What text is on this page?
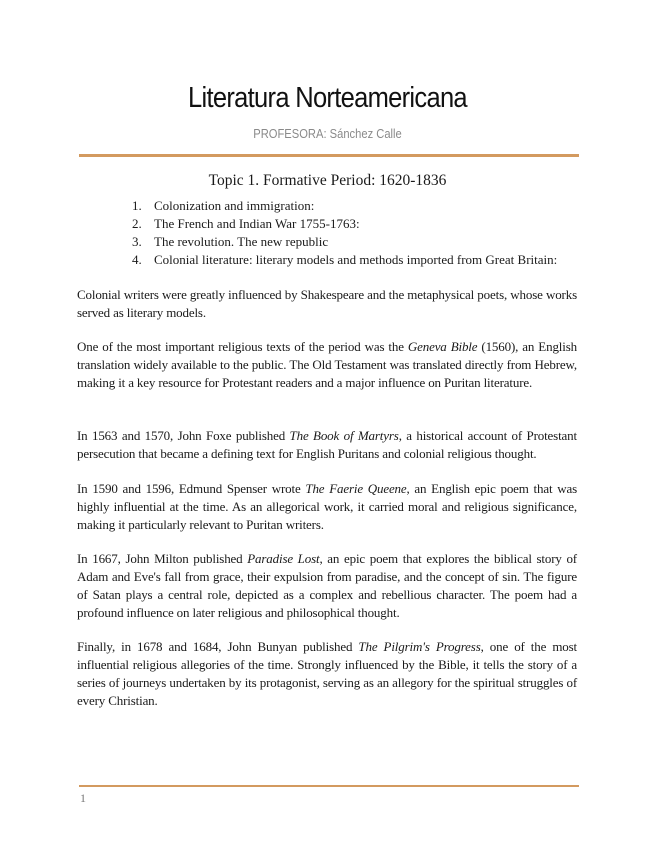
Literatura Norteamericana
PROFESORA: Sánchez Calle
Topic 1. Formative Period: 1620-1836
1. Colonization and immigration:
2. The French and Indian War 1755-1763:
3. The revolution. The new republic
4. Colonial literature: literary models and methods imported from Great Britain:

Colonial writers were greatly influenced by Shakespeare and the metaphysical poets, whose works served as literary models.

One of the most important religious texts of the period was the Geneva Bible (1560), an English translation widely available to the public. The Old Testament was translated directly from Hebrew, making it a key resource for Protestant readers and a major influence on Puritan literature.

In 1563 and 1570, John Foxe published The Book of Martyrs, a historical account of Protestant persecution that became a defining text for English Puritans and colonial religious thought.

In 1590 and 1596, Edmund Spenser wrote The Faerie Queene, an English epic poem that was highly influential at the time. As an allegorical work, it carried moral and religious significance, making it particularly relevant to Puritan writers.

In 1667, John Milton published Paradise Lost, an epic poem that explores the biblical story of Adam and Eve's fall from grace, their expulsion from paradise, and the concept of sin. The figure of Satan plays a central role, depicted as a complex and rebellious character. The poem had a profound influence on later religious and philosophical thought.

Finally, in 1678 and 1684, John Bunyan published The Pilgrim's Progress, one of the most influential religious allegories of the time. Strongly influenced by the Bible, it tells the story of a series of journeys undertaken by its protagonist, serving as an allegory for the spiritual struggles of every Christian.

1
